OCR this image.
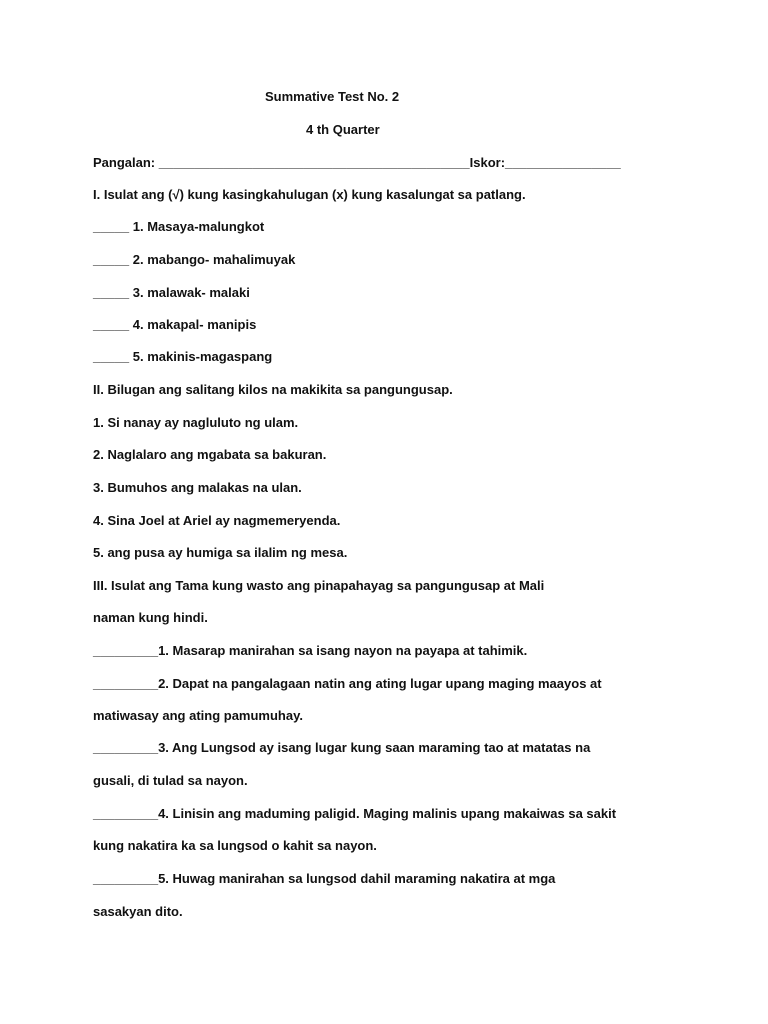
Summative Test No. 2
4 th Quarter
Pangalan: ___________________________________________Iskor:________________
I. Isulat ang (√) kung kasingkahulugan (x) kung kasalungat sa patlang.
_____ 1. Masaya-malungkot
_____ 2. mabango- mahalimuyak
_____ 3. malawak- malaki
_____ 4. makapal- manipis
_____ 5. makinis-magaspang
II. Bilugan ang salitang kilos na makikita sa pangungusap.
1. Si nanay ay nagluluto ng ulam.
2. Naglalaro ang mgabata sa bakuran.
3. Bumuhos ang malakas na ulan.
4. Sina Joel at Ariel ay nagmemeryenda.
5. ang pusa ay humiga sa ilalim ng mesa.
III. Isulat ang Tama kung wasto ang pinapahayag sa pangungusap at Mali
naman kung hindi.
_________1. Masarap manirahan sa isang nayon na payapa at tahimik.
_________2. Dapat na pangalagaan natin ang ating lugar upang maging maayos at
matiwasay ang ating pamumuhay.
_________3. Ang Lungsod ay isang lugar kung saan maraming tao at matatas na
gusali, di tulad sa nayon.
_________4. Linisin ang maduming paligid. Maging malinis upang makaiwas sa sakit
kung nakatira ka sa lungsod o kahit sa nayon.
_________5. Huwag manirahan sa lungsod dahil maraming nakatira at mga
sasakyan dito.
